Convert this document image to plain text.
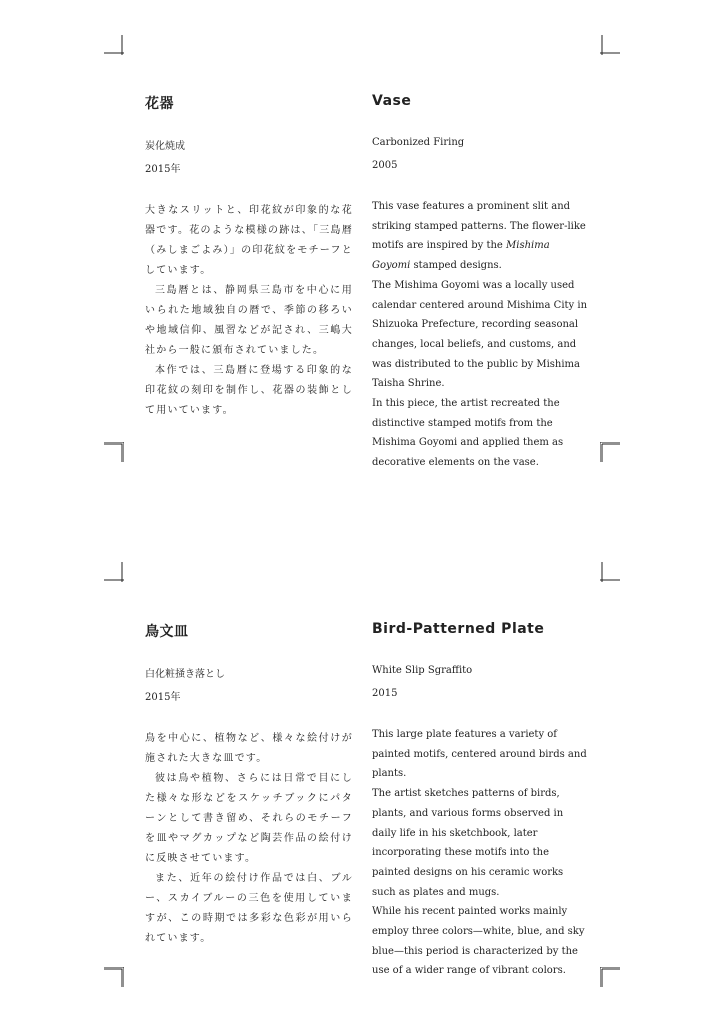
花器
炭化焼成
2015年

大きなスリットと、印花紋が印象的な花器です。花のような模様の跡は、「三島暦（みしまごよみ）」の印花紋をモチーフとしています。

三島暦とは、静岡県三島市を中心に用いられた地域独自の暦で、季節の移ろいや地域信仰、風習などが記され、三嶋大社から一般に頒布されていました。

本作では、三島暦に登場する印象的な印花紋の刻印を制作し、花器の装飾として用いています。

Vase
Carbonized Firing
2005

This vase features a prominent slit and striking stamped patterns. The flower-like motifs are inspired by the Mishima Goyomi stamped designs.

The Mishima Goyomi was a locally used calendar centered around Mishima City in Shizuoka Prefecture, recording seasonal changes, local beliefs, and customs, and was distributed to the public by Mishima Taisha Shrine.

In this piece, the artist recreated the distinctive stamped motifs from the Mishima Goyomi and applied them as decorative elements on the vase.

鳥文皿
白化粧掻き落とし
2015年

鳥を中心に、植物など、様々な絵付けが施された大きな皿です。

彼は鳥や植物、さらには日常で目にした様々な形などをスケッチブックにパターンとして書き留め、それらのモチーフを皿やマグカップなど陶芸作品の絵付けに反映させています。

また、近年の絵付け作品では白、ブルー、スカイブルーの三色を使用していますが、この時期では多彩な色彩が用いられています。

Bird-Patterned Plate
White Slip Sgraffito
2015

This large plate features a variety of painted motifs, centered around birds and plants.

The artist sketches patterns of birds, plants, and various forms observed in daily life in his sketchbook, later incorporating these motifs into the painted designs on his ceramic works such as plates and mugs.

While his recent painted works mainly employ three colors—white, blue, and sky blue—this period is characterized by the use of a wider range of vibrant colors.
